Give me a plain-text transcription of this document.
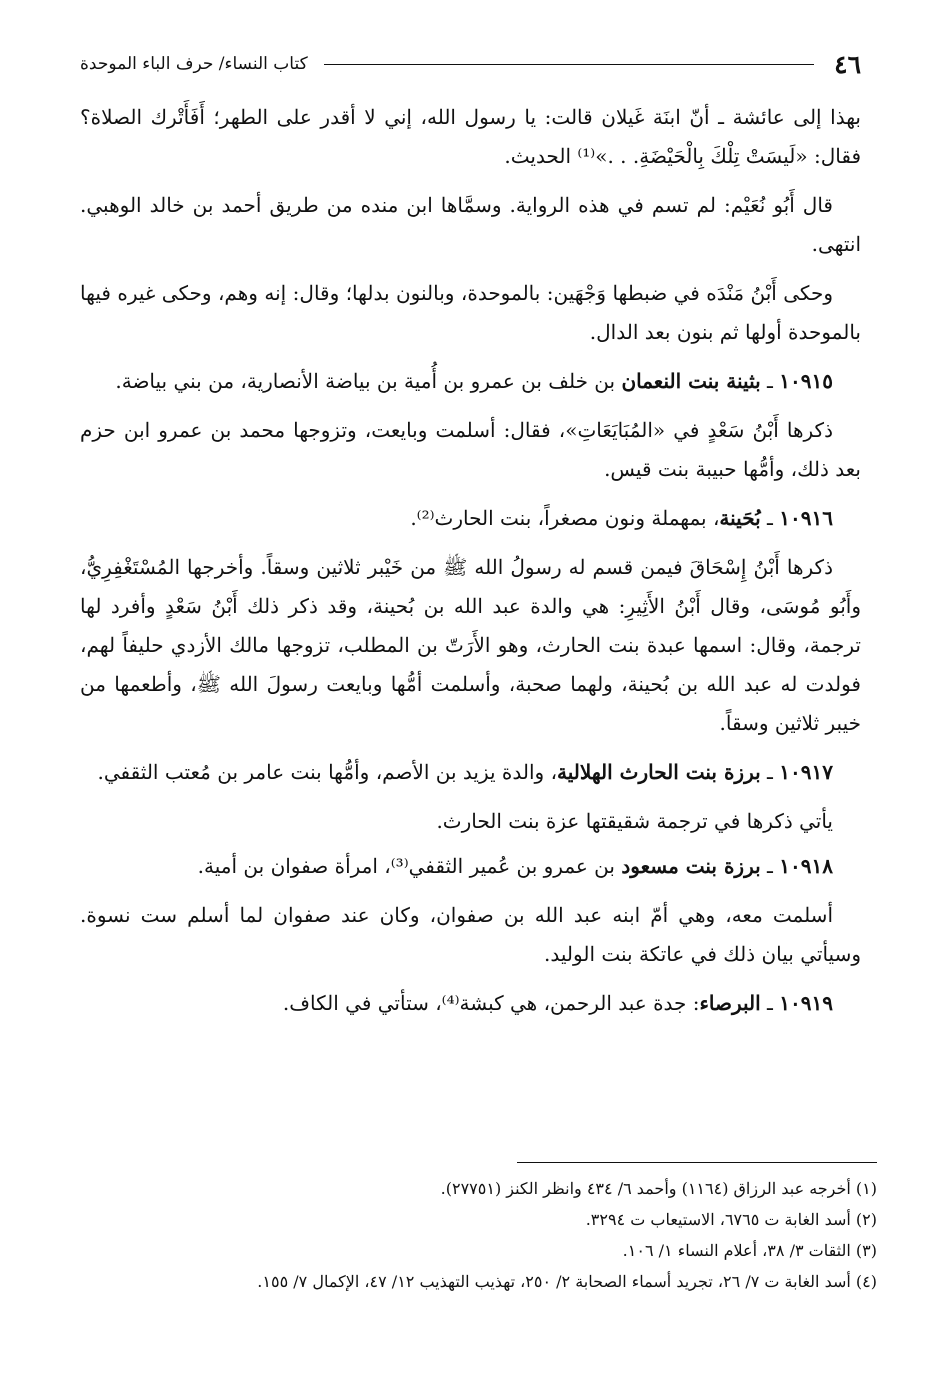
٤٦
كتاب النساء/ حرف الباء الموحدة

بهذا إلى عائشة ـ أنّ ابنَة غَيلان قالت: يا رسول الله، إني لا أقدر على الطهر؛ أَفَأَتْرك الصلاة؟ فقال: «لَيسَتْ تِلْكَ بِالْحَيْضَةِ. . .»⁽¹⁾ الحديث.

قال أَبُو نُعَيْم: لم تسم في هذه الرواية. وسمَّاها ابن منده من طريق أحمد بن خالد الوهبي. انتهى.

وحكى أَبْنُ مَنْدَه في ضبطها وَجْهَين: بالموحدة، وبالنون بدلها؛ وقال: إنه وهم، وحكى غيره فيها بالموحدة أولها ثم بنون بعد الدال.

١٠٩١٥ ـ بثينة بنت النعمان بن خلف بن عمرو بن أُمية بن بياضة الأنصارية، من بني بياضة.

ذكرها أَبْنُ سَعْدٍ في «المُبَايَعَاتِ»، فقال: أسلمت وبايعت، وتزوجها محمد بن عمرو ابن حزم بعد ذلك، وأمُّها حبيبة بنت قيس.

١٠٩١٦ ـ بُحَينة، بمهملة ونون مصغراً، بنت الحارث⁽²⁾.

ذكرها أَبْنُ إِسْحَاقَ فيمن قسم له رسولُ الله ﷺ من خَيْبر ثلاثين وسقاً. وأخرجها المُسْتَغْفِرِيُّ، وأَبُو مُوسَى، وقال أَبْنُ الأَثِيرِ: هي والدة عبد الله بن بُحينة، وقد ذكر ذلك أَبْنُ سَعْدٍ وأفرد لها ترجمة، وقال: اسمها عبدة بنت الحارث، وهو الأَرَتّ بن المطلب، تزوجها مالك الأزدي حليفاً لهم، فولدت له عبد الله بن بُحينة، ولهما صحبة، وأسلمت أمُّها وبايعت رسولَ الله ﷺ، وأطعمها من خيبر ثلاثين وسقاً.

١٠٩١٧ ـ برزة بنت الحارث الهلالية، والدة يزيد بن الأصم، وأمُّها بنت عامر بن مُعتب الثقفي.

يأتي ذكرها في ترجمة شقيقتها عزة بنت الحارث.

١٠٩١٨ ـ برزة بنت مسعود بن عمرو بن عُمير الثقفي⁽³⁾، امرأة صفوان بن أمية.

أسلمت معه، وهي أمّ ابنه عبد الله بن صفوان، وكان عند صفوان لما أسلم ست نسوة. وسيأتي بيان ذلك في عاتكة بنت الوليد.

١٠٩١٩ ـ البرصاء: جدة عبد الرحمن، هي كبشة⁽⁴⁾، ستأتي في الكاف.

(١) أخرجه عبد الرزاق (١١٦٤) وأحمد ٦/ ٤٣٤ وانظر الكنز (٢٧٧٥١).
(٢) أسد الغابة ت ٦٧٦٥، الاستيعاب ت ٣٢٩٤.
(٣) الثقات ٣/ ٣٨، أعلام النساء ١/ ١٠٦.
(٤) أسد الغابة ت ٧/ ٢٦، تجريد أسماء الصحابة ٢/ ٢٥٠، تهذيب التهذيب ١٢/ ٤٧، الإكمال ٧/ ١٥٥.
